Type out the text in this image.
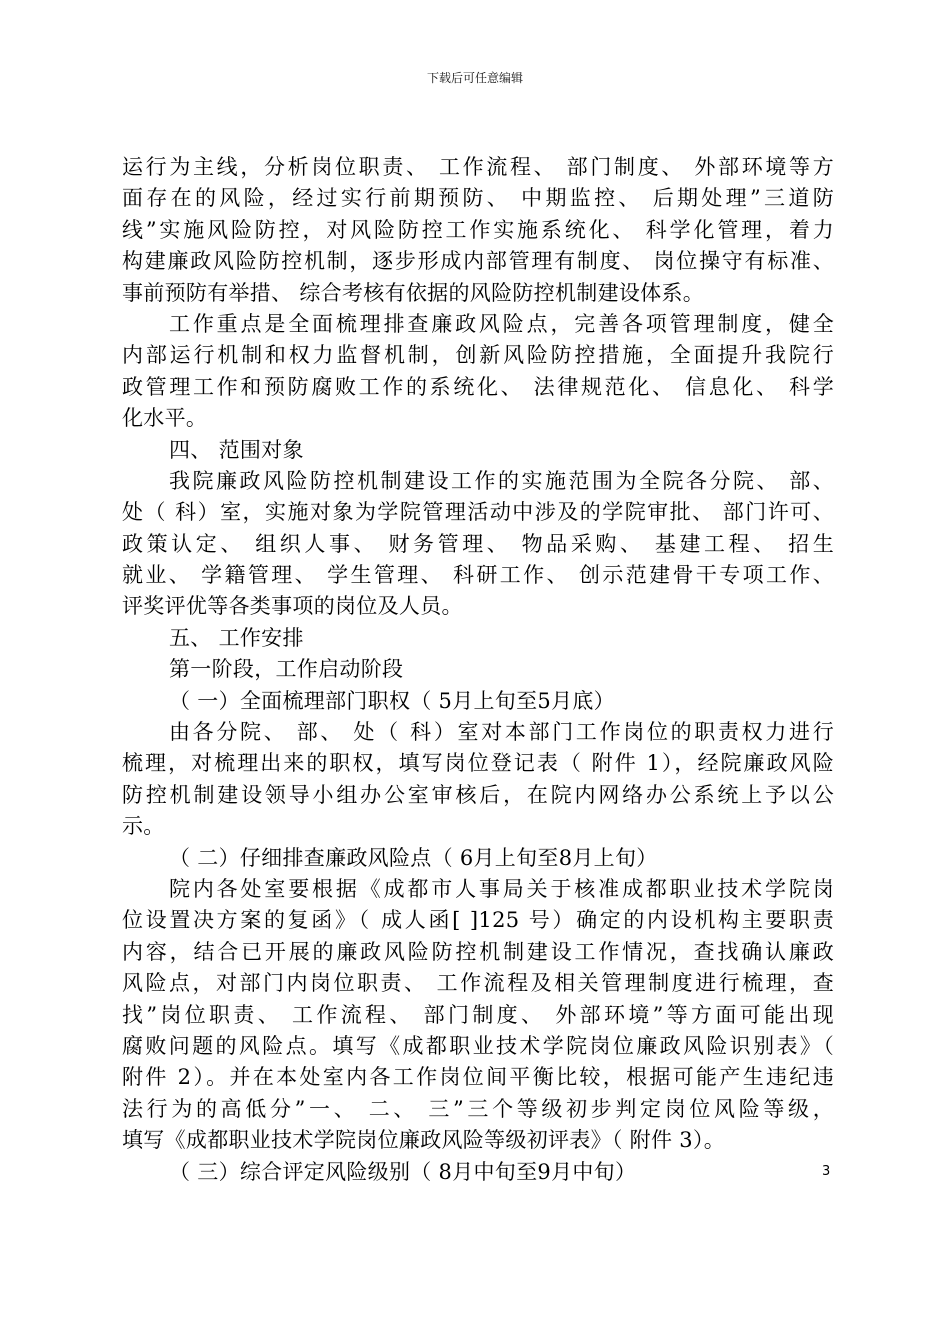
下载后可任意编辑
运行为主线，分析岗位职责、 工作流程、 部门制度、 外部环境等方
面存在的风险，经过实行前期预防、 中期监控、 后期处理”三道防
线”实施风险防控，对风险防控工作实施系统化、 科学化管理，着力
构建廉政风险防控机制，逐步形成内部管理有制度、 岗位操守有标准、
事前预防有举措、 综合考核有依据的风险防控机制建设体系。
工作重点是全面梳理排查廉政风险点，完善各项管理制度，健全
内部运行机制和权力监督机制，创新风险防控措施，全面提升我院行
政管理工作和预防腐败工作的系统化、 法律规范化、 信息化、 科学
化水平。
四、 范围对象
我院廉政风险防控机制建设工作的实施范围为全院各分院、 部、
处（ 科）室，实施对象为学院管理活动中涉及的学院审批、 部门许可、
政策认定、 组织人事、 财务管理、 物品采购、 基建工程、 招生
就业、 学籍管理、 学生管理、 科研工作、 创示范建骨干专项工作、
评奖评优等各类事项的岗位及人员。
五、 工作安排
第一阶段，工作启动阶段
（ 一）全面梳理部门职权（ 5月上旬至5月底）
由各分院、 部、 处（ 科）室对本部门工作岗位的职责权力进行
梳理，对梳理出来的职权，填写岗位登记表（ 附件 1），经院廉政风险
防控机制建设领导小组办公室审核后，在院内网络办公系统上予以公
示。
（ 二）仔细排查廉政风险点（ 6月上旬至8月上旬）
院内各处室要根据《成都市人事局关于核准成都职业技术学院岗
位设置决方案的复函》（ 成人函[ ]125 号）确定的内设机构主要职责
内容，结合已开展的廉政风险防控机制建设工作情况，查找确认廉政
风险点，对部门内岗位职责、 工作流程及相关管理制度进行梳理，查
找”岗位职责、 工作流程、 部门制度、 外部环境”等方面可能出现
腐败问题的风险点。填写《成都职业技术学院岗位廉政风险识别表》（
附件 2）。并在本处室内各工作岗位间平衡比较，根据可能产生违纪违
法行为的高低分”一、 二、 三”三个等级初步判定岗位风险等级，
填写《成都职业技术学院岗位廉政风险等级初评表》（ 附件 3）。
（ 三）综合评定风险级别（ 8月中旬至9月中旬）	3
